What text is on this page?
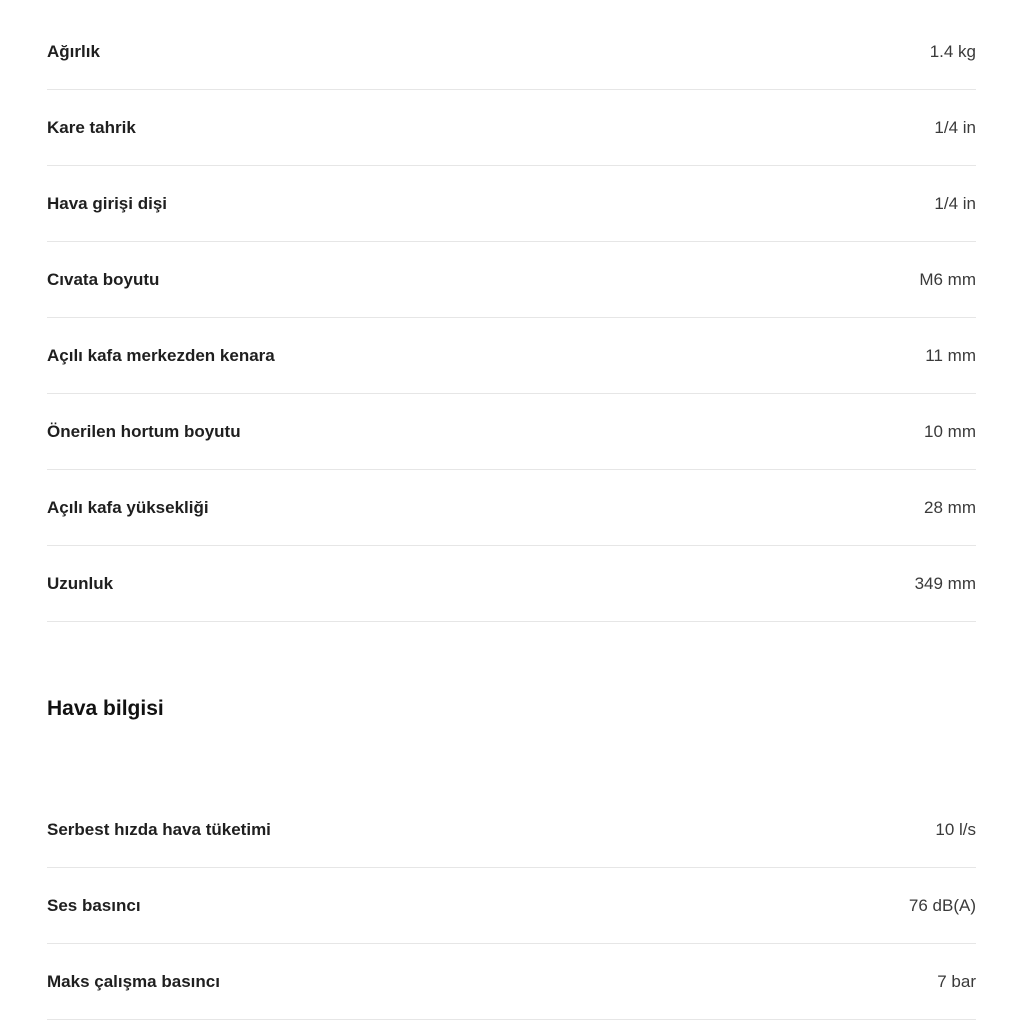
Ağırlık	1.4 kg
Kare tahrik	1/4 in
Hava girişi dişi	1/4 in
Cıvata boyutu	M6 mm
Açılı kafa merkezden kenara	11 mm
Önerilen hortum boyutu	10 mm
Açılı kafa yüksekliği	28 mm
Uzunluk	349 mm
Hava bilgisi
Serbest hızda hava tüketimi	10 l/s
Ses basıncı	76 dB(A)
Maks çalışma basıncı	7 bar
